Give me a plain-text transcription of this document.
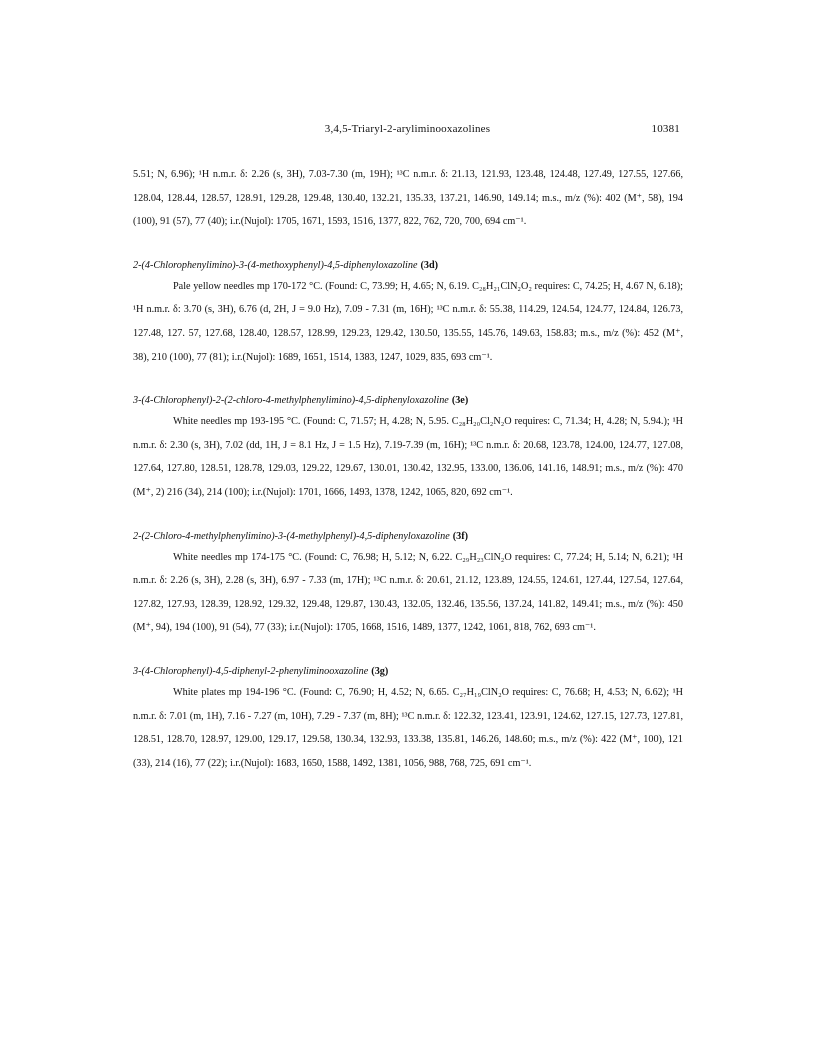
3,4,5-Triaryl-2-aryliminooxazolines	10381

5.51; N, 6.96); ¹H n.m.r. δ: 2.26 (s, 3H), 7.03-7.30 (m, 19H); ¹³C n.m.r. δ: 21.13, 121.93, 123.48, 124.48, 127.49, 127.55, 127.66, 128.04, 128.44, 128.57, 128.91, 129.28, 129.48, 130.40, 132.21, 135.33, 137.21, 146.90, 149.14; m.s., m/z (%): 402 (M⁺, 58), 194 (100), 91 (57), 77 (40); i.r.(Nujol): 1705, 1671, 1593, 1516, 1377, 822, 762, 720, 700, 694 cm⁻¹.

2-(4-Chlorophenylimino)-3-(4-methoxyphenyl)-4,5-diphenyloxazoline (3d)

Pale yellow needles mp 170-172 °C. (Found: C, 73.99; H, 4.65; N, 6.19. C₂₈H₂₁ClN₂O₂ requires: C, 74.25; H, 4.67 N, 6.18); ¹H n.m.r. δ: 3.70 (s, 3H), 6.76 (d, 2H, J = 9.0 Hz), 7.09 - 7.31 (m, 16H); ¹³C n.m.r. δ: 55.38, 114.29, 124.54, 124.77, 124.84, 126.73, 127.48, 127. 57, 127.68, 128.40, 128.57, 128.99, 129.23, 129.42, 130.50, 135.55, 145.76, 149.63, 158.83; m.s., m/z (%): 452 (M⁺, 38), 210 (100), 77 (81); i.r.(Nujol): 1689, 1651, 1514, 1383, 1247, 1029, 835, 693 cm⁻¹.

3-(4-Chlorophenyl)-2-(2-chloro-4-methylphenylimino)-4,5-diphenyloxazoline (3e)

White needles mp 193-195 °C. (Found: C, 71.57; H, 4.28; N, 5.95. C₂₈H₂₀Cl₂N₂O requires: C, 71.34; H, 4.28; N, 5.94.); ¹H n.m.r. δ: 2.30 (s, 3H), 7.02 (dd, 1H, J = 8.1 Hz, J = 1.5 Hz), 7.19-7.39 (m, 16H); ¹³C n.m.r. δ: 20.68, 123.78, 124.00, 124.77, 127.08, 127.64, 127.80, 128.51, 128.78, 129.03, 129.22, 129.67, 130.01, 130.42, 132.95, 133.00, 136.06, 141.16, 148.91; m.s., m/z (%): 470 (M⁺, 2) 216 (34), 214 (100); i.r.(Nujol): 1701, 1666, 1493, 1378, 1242, 1065, 820, 692 cm⁻¹.

2-(2-Chloro-4-methylphenylimino)-3-(4-methylphenyl)-4,5-diphenyloxazoline (3f)

White needles mp 174-175 °C. (Found: C, 76.98; H, 5.12; N, 6.22. C₂₉H₂₃ClN₂O requires: C, 77.24; H, 5.14; N, 6.21); ¹H n.m.r. δ: 2.26 (s, 3H), 2.28 (s, 3H), 6.97 - 7.33 (m, 17H); ¹³C n.m.r. δ: 20.61, 21.12, 123.89, 124.55, 124.61, 127.44, 127.54, 127.64, 127.82, 127.93, 128.39, 128.92, 129.32, 129.48, 129.87, 130.43, 132.05, 132.46, 135.56, 137.24, 141.82, 149.41; m.s., m/z (%): 450 (M⁺, 94), 194 (100), 91 (54), 77 (33); i.r.(Nujol): 1705, 1668, 1516, 1489, 1377, 1242, 1061, 818, 762, 693 cm⁻¹.

3-(4-Chlorophenyl)-4,5-diphenyl-2-phenyliminooxazoline (3g)

White plates mp 194-196 °C. (Found: C, 76.90; H, 4.52; N, 6.65. C₂₇H₁₉ClN₂O requires: C, 76.68; H, 4.53; N, 6.62); ¹H n.m.r. δ: 7.01 (m, 1H), 7.16 - 7.27 (m, 10H), 7.29 - 7.37 (m, 8H); ¹³C n.m.r. δ: 122.32, 123.41, 123.91, 124.62, 127.15, 127.73, 127.81, 128.51, 128.70, 128.97, 129.00, 129.17, 129.58, 130.34, 132.93, 133.38, 135.81, 146.26, 148.60; m.s., m/z (%): 422 (M⁺, 100), 121 (33), 214 (16), 77 (22); i.r.(Nujol): 1683, 1650, 1588, 1492, 1381, 1056, 988, 768, 725, 691 cm⁻¹.
